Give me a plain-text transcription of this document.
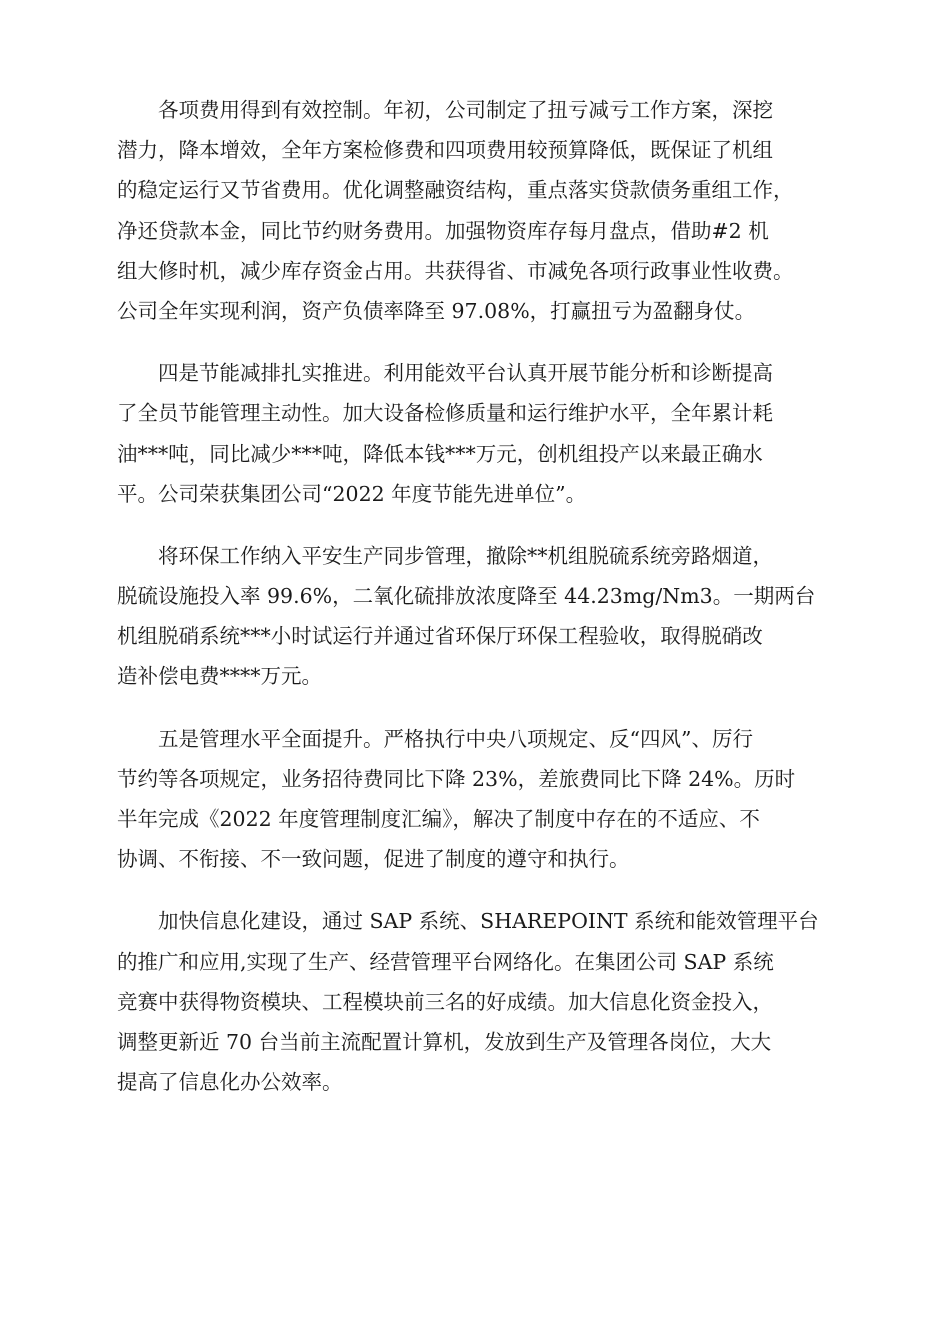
各项费用得到有效控制。年初，公司制定了扭亏减亏工作方案，深挖
潜力，降本增效，全年方案检修费和四项费用较预算降低，既保证了机组
的稳定运行又节省费用。优化调整融资结构，重点落实贷款债务重组工作，
净还贷款本金，同比节约财务费用。加强物资库存每月盘点，借助#2 机
组大修时机，减少库存资金占用。共获得省、市减免各项行政事业性收费。
公司全年实现利润，资产负债率降至 97.08%，打赢扭亏为盈翻身仗。

四是节能减排扎实推进。利用能效平台认真开展节能分析和诊断提高
了全员节能管理主动性。加大设备检修质量和运行维护水平，全年累计耗
油***吨，同比减少***吨，降低本钱***万元，创机组投产以来最正确水
平。公司荣获集团公司“2022 年度节能先进单位”。

将环保工作纳入平安生产同步管理，撤除**机组脱硫系统旁路烟道，
脱硫设施投入率 99.6%，二氧化硫排放浓度降至 44.23mg/Nm3。一期两台
机组脱硝系统***小时试运行并通过省环保厅环保工程验收，取得脱硝改
造补偿电费****万元。

五是管理水平全面提升。严格执行中央八项规定、反“四风”、厉行
节约等各项规定，业务招待费同比下降 23%，差旅费同比下降 24%。历时
半年完成《2022 年度管理制度汇编》，解决了制度中存在的不适应、不
协调、不衔接、不一致问题，促进了制度的遵守和执行。

加快信息化建设，通过 SAP 系统、SHAREPOINT 系统和能效管理平台
的推广和应用,实现了生产、经营管理平台网络化。在集团公司 SAP 系统
竞赛中获得物资模块、工程模块前三名的好成绩。加大信息化资金投入，
调整更新近 70 台当前主流配置计算机，发放到生产及管理各岗位，大大
提高了信息化办公效率。
